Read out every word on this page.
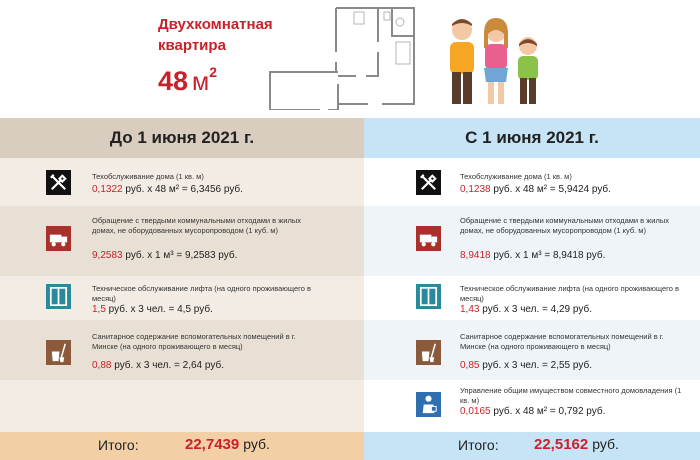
Двухкомнатная квартира
48 $м^2$
До 1 июня 2021 г.
Техобслуживание дома (1 кв. м)
0,1322 руб. х 48 м² = 6,3456 руб.
Обращение с твердыми коммунальными отходами в жилых домах, не оборудованных мусоропроводом (1 куб. м)
9,2583 руб. х 1 м³ = 9,2583 руб.
Техническое обслуживание лифта (на одного проживающего в месяц)
1,5 руб. х 3 чел. = 4,5 руб.
Санитарное содержание вспомогательных помещений в г. Минске (на одного проживающего в месяц)
0,88 руб. х 3 чел. = 2,64 руб.
Итого:	22,7439 руб.
С 1 июня 2021 г.
Техобслуживание дома (1 кв. м)
0,1238 руб. х 48 м² = 5,9424 руб.
Обращение с твердыми коммунальными отходами в жилых домах, не оборудованных мусоропроводом (1 куб. м)
8,9418 руб. х 1 м³ = 8,9418 руб.
Техническое обслуживание лифта (на одного проживающего в месяц)
1,43 руб. х 3 чел. = 4,29 руб.
Санитарное содержание вспомогательных помещений в г. Минске (на одного проживающего в месяц)
0,85 руб. х 3 чел. = 2,55 руб.
Управление общим имуществом совместного домовладения (1 кв. м)
0,0165 руб. х 48 м² = 0,792 руб.
Итого: 22,5162 руб.
